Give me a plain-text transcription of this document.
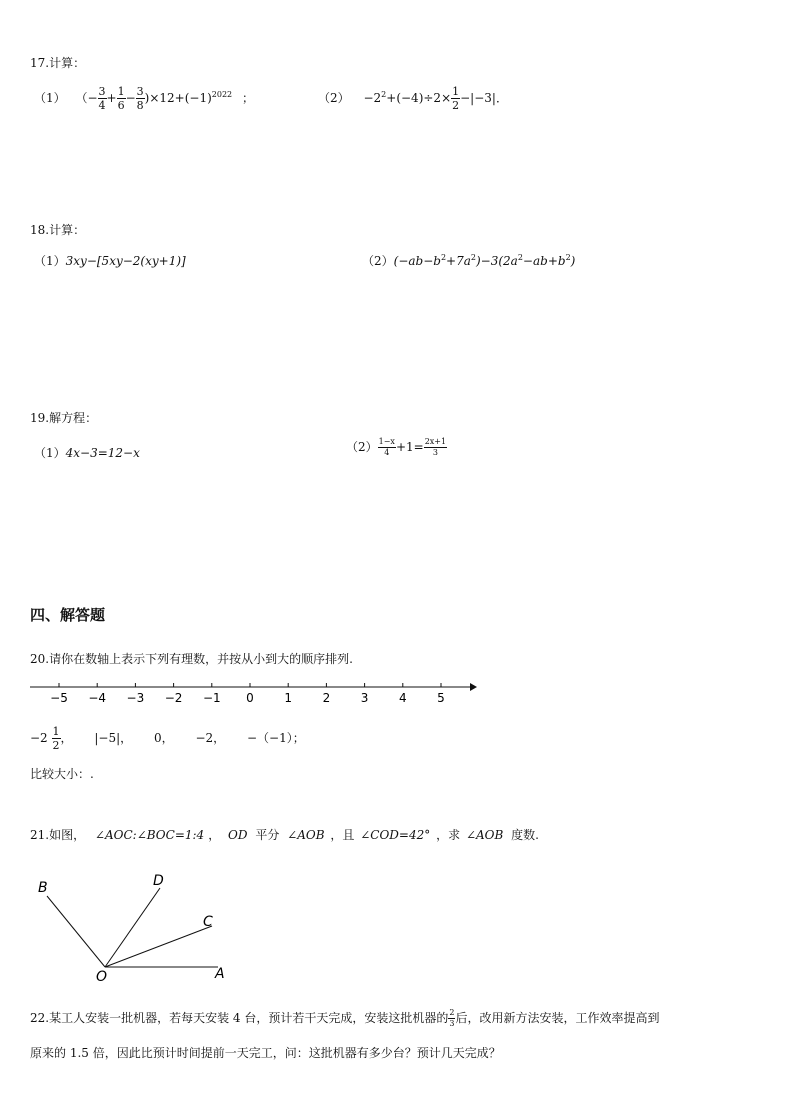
17.计算：
（1） （− $\frac{3}{4} + \frac{1}{6} - \frac{3}{8} )\times 12+(-1)^{2022}$ ；	$(2) -2^2+(-4)\div 2\times \frac{1}{2} -|-3|$．
18.计算：
（1）3xy−[5xy−2(xy+1)]	$(2)(-ab-b^2+7a^2)-3(2a^2-ab+b^2)$
19.解方程：
（1）4x−3=12−x	$(2) \frac{1-x}{4} +1= \frac{2x+1}{3}$
四、解答题
20.请你在数轴上表示下列有理数，并按从小到大的顺序排列.
−5 −4 −3 −2 −1 0	1	2	3	4	5
$-2 \frac{1}{2}$ ， |−5|， 0， −2， −（−1）；
比较大小：.
21.如图， ∠AOC:∠BOC=1:4 ， OD 平分 ∠AOB ，且 ∠COD=42° ，求 ∠AOB 度数.
B	D
C
O	A
22.某工人安装一批机器，若每天安装 4 台，预计若干天完成，安装这批机器的 $\frac{2}{3}$ 后，改用新方法安装，工作效率提高到
原来的 1.5 倍，因此比预计时间提前一天完工，问：这批机器有多少台？预计几天完成？
